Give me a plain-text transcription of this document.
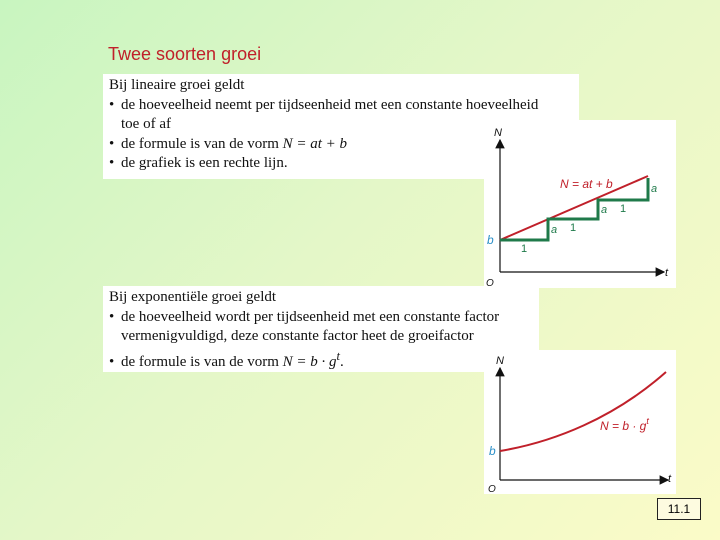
Twee soorten groei
Bij lineaire groei geldt
• de hoeveelheid neemt per tijdseenheid met een constante hoeveelheid
toe of af
• de formule is van de vorm N = at + b
• de grafiek is een rechte lijn.
Bij exponentiële groei geldt
• de hoeveelheid wordt per tijdseenheid met een constante factor
vermenigvuldigd, deze constante factor heet de groeifactor
• de formule is van de vorm $N = b \cdot g^t$.
N
t
O
b
N = at + b
1
a 1
a 1
a
N
t
O
b
$N = b \cdot g^t$
11.1
